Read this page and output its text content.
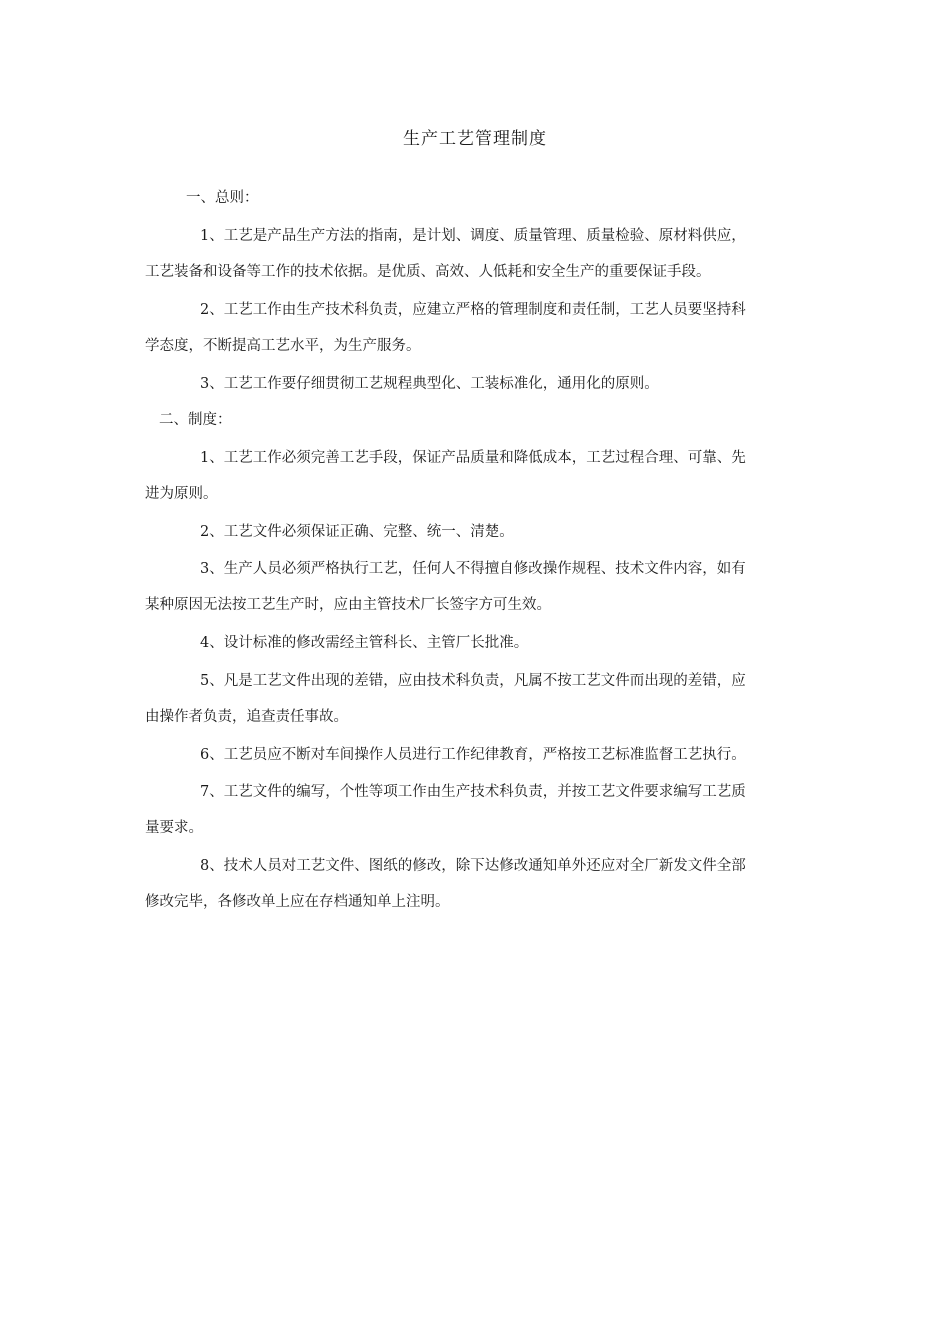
生产工艺管理制度
一、总则：
1、工艺是产品生产方法的指南，是计划、调度、质量管理、质量检验、原材料供应，
工艺装备和设备等工作的技术依据。是优质、高效、人低耗和安全生产的重要保证手段。
2、工艺工作由生产技术科负责，应建立严格的管理制度和责任制，工艺人员要坚持科
学态度，不断提高工艺水平，为生产服务。
3、工艺工作要仔细贯彻工艺规程典型化、工装标准化，通用化的原则。
二、制度：
1、工艺工作必须完善工艺手段，保证产品质量和降低成本，工艺过程合理、可靠、先
进为原则。
2、工艺文件必须保证正确、完整、统一、清楚。
3、生产人员必须严格执行工艺，任何人不得擅自修改操作规程、技术文件内容，如有
某种原因无法按工艺生产时，应由主管技术厂长签字方可生效。
4、设计标准的修改需经主管科长、主管厂长批准。
5、凡是工艺文件出现的差错，应由技术科负责，凡属不按工艺文件而出现的差错，应
由操作者负责，追查责任事故。
6、工艺员应不断对车间操作人员进行工作纪律教育，严格按工艺标准监督工艺执行。
7、工艺文件的编写，个性等项工作由生产技术科负责，并按工艺文件要求编写工艺质
量要求。
8、技术人员对工艺文件、图纸的修改，除下达修改通知单外还应对全厂新发文件全部
修改完毕，各修改单上应在存档通知单上注明。
